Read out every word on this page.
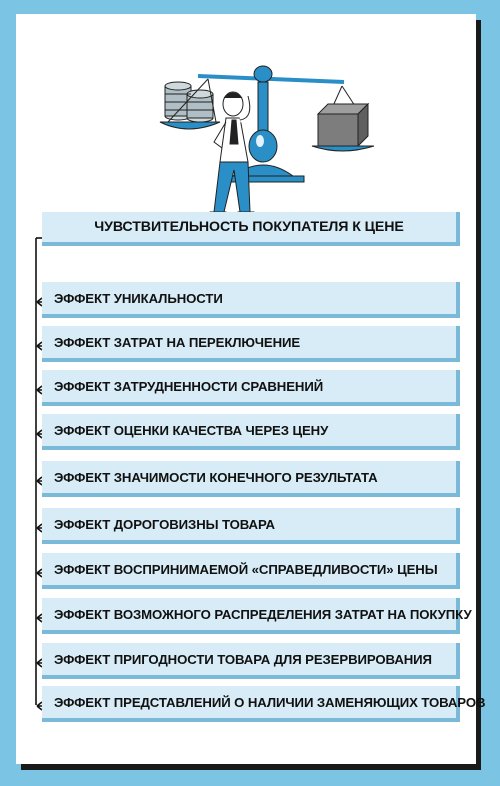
ЧУВСТВИТЕЛЬНОСТЬ ПОКУПАТЕЛЯ К ЦЕНЕ
ЭФФЕКТ УНИКАЛЬНОСТИ
ЭФФЕКТ ЗАТРАТ НА ПЕРЕКЛЮЧЕНИЕ
ЭФФЕКТ ЗАТРУДНЕННОСТИ СРАВНЕНИЙ
ЭФФЕКТ ОЦЕНКИ КАЧЕСТВА ЧЕРЕЗ ЦЕНУ
ЭФФЕКТ ЗНАЧИМОСТИ КОНЕЧНОГО РЕЗУЛЬТАТА
ЭФФЕКТ ДОРОГОВИЗНЫ ТОВАРА
ЭФФЕКТ ВОСПРИНИМАЕМОЙ «СПРАВЕДЛИВОСТИ» ЦЕНЫ
ЭФФЕКТ ВОЗМОЖНОГО РАСПРЕДЕЛЕНИЯ ЗАТРАТ НА ПОКУПКУ
ЭФФЕКТ ПРИГОДНОСТИ ТОВАРА ДЛЯ РЕЗЕРВИРОВАНИЯ
ЭФФЕКТ ПРЕДСТАВЛЕНИЙ О НАЛИЧИИ ЗАМЕНЯЮЩИХ ТОВАРОВ
